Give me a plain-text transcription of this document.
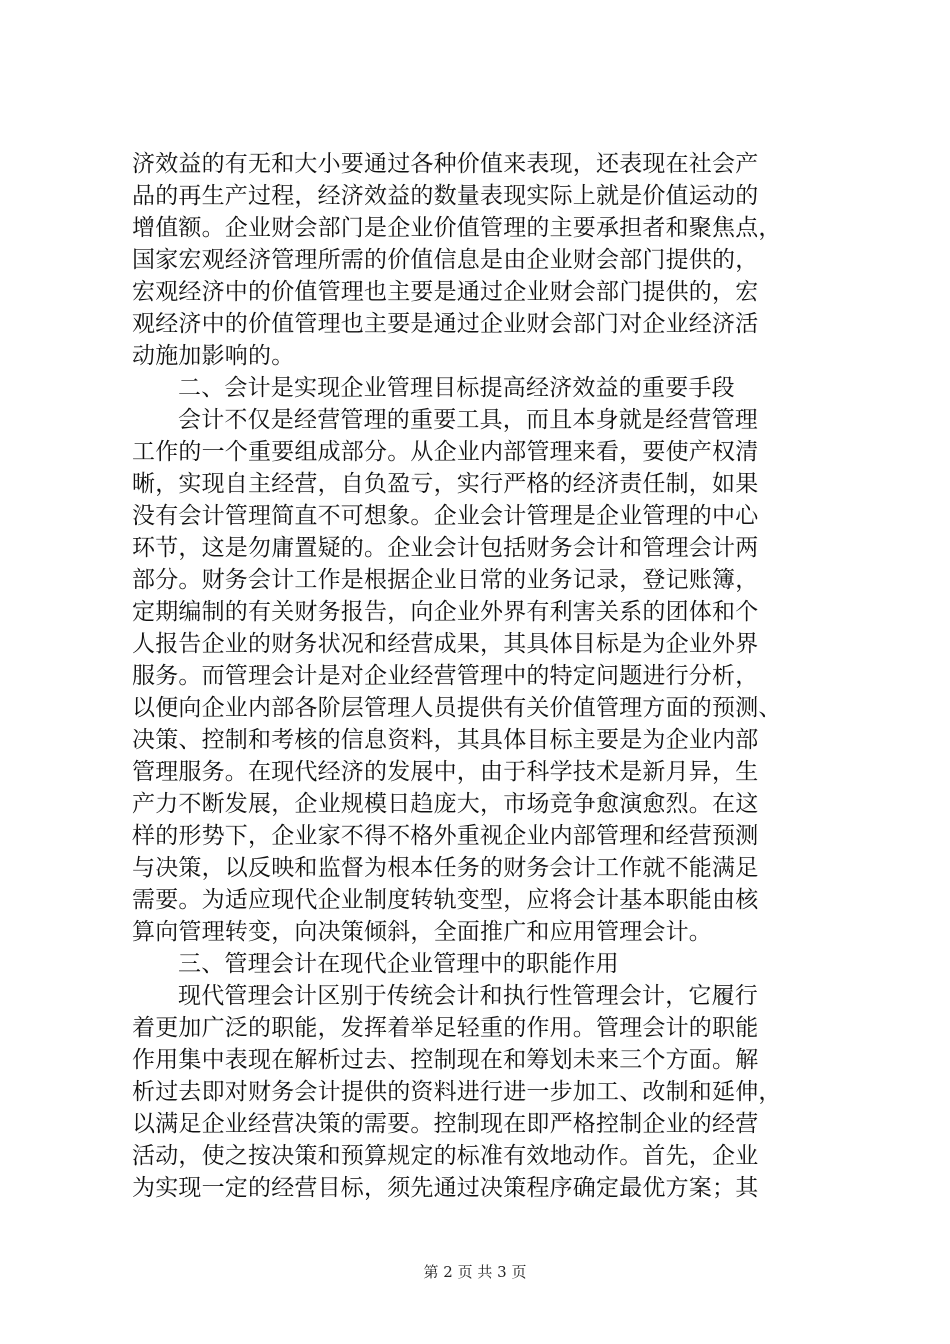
济效益的有无和大小要通过各种价值来表现，还表现在社会产
品的再生产过程，经济效益的数量表现实际上就是价值运动的
增值额。企业财会部门是企业价值管理的主要承担者和聚焦点，
国家宏观经济管理所需的价值信息是由企业财会部门提供的，
宏观经济中的价值管理也主要是通过企业财会部门提供的，宏
观经济中的价值管理也主要是通过企业财会部门对企业经济活
动施加影响的。
二、会计是实现企业管理目标提高经济效益的重要手段
会计不仅是经营管理的重要工具，而且本身就是经营管理
工作的一个重要组成部分。从企业内部管理来看，要使产权清
晰，实现自主经营，自负盈亏，实行严格的经济责任制，如果
没有会计管理简直不可想象。企业会计管理是企业管理的中心
环节，这是勿庸置疑的。企业会计包括财务会计和管理会计两
部分。财务会计工作是根据企业日常的业务记录，登记账簿，
定期编制的有关财务报告，向企业外界有利害关系的团体和个
人报告企业的财务状况和经营成果，其具体目标是为企业外界
服务。而管理会计是对企业经营管理中的特定问题进行分析，
以便向企业内部各阶层管理人员提供有关价值管理方面的预测、
决策、控制和考核的信息资料，其具体目标主要是为企业内部
管理服务。在现代经济的发展中，由于科学技术是新月异，生
产力不断发展，企业规模日趋庞大，市场竞争愈演愈烈。在这
样的形势下，企业家不得不格外重视企业内部管理和经营预测
与决策，以反映和监督为根本任务的财务会计工作就不能满足
需要。为适应现代企业制度转轨变型，应将会计基本职能由核
算向管理转变，向决策倾斜，全面推广和应用管理会计。
三、管理会计在现代企业管理中的职能作用
现代管理会计区别于传统会计和执行性管理会计，它履行
着更加广泛的职能，发挥着举足轻重的作用。管理会计的职能
作用集中表现在解析过去、控制现在和筹划未来三个方面。解
析过去即对财务会计提供的资料进行进一步加工、改制和延伸，
以满足企业经营决策的需要。控制现在即严格控制企业的经营
活动，使之按决策和预算规定的标准有效地动作。首先，企业
为实现一定的经营目标，须先通过决策程序确定最优方案；其
第 2 页 共 3 页
